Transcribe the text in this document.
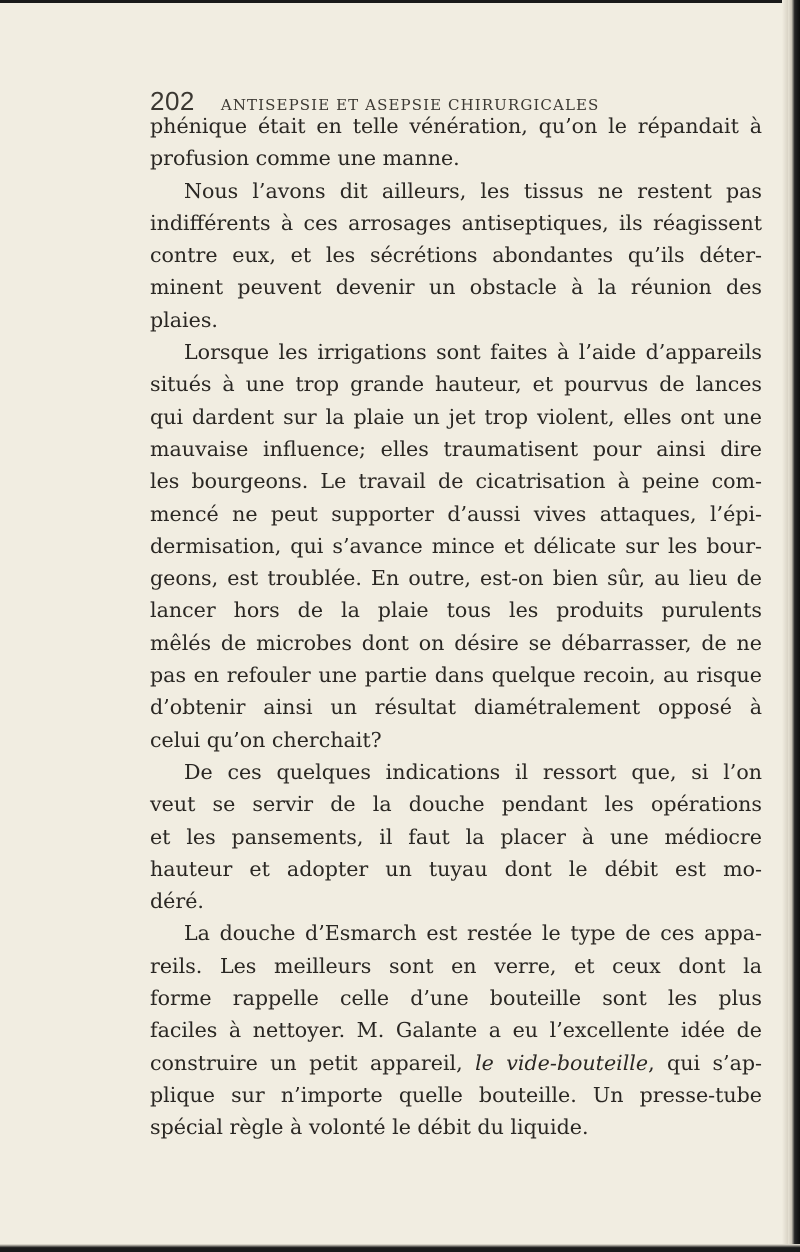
202 ANTISEPSIE ET ASEPSIE CHIRURGICALES
phénique était en telle vénération, qu’on le répandait à
profusion comme une manne.
Nous l’avons dit ailleurs, les tissus ne restent pas
indifférents à ces arrosages antiseptiques, ils réagissent
contre eux, et les sécrétions abondantes qu’ils déter-
minent peuvent devenir un obstacle à la réunion des
plaies.
Lorsque les irrigations sont faites à l’aide d’appareils
situés à une trop grande hauteur, et pourvus de lances
qui dardent sur la plaie un jet trop violent, elles ont une
mauvaise influence; elles traumatisent pour ainsi dire
les bourgeons. Le travail de cicatrisation à peine com-
mencé ne peut supporter d’aussi vives attaques, l’épi-
dermisation, qui s’avance mince et délicate sur les bour-
geons, est troublée. En outre, est-on bien sûr, au lieu de
lancer hors de la plaie tous les produits purulents
mêlés de microbes dont on désire se débarrasser, de ne
pas en refouler une partie dans quelque recoin, au risque
d’obtenir ainsi un résultat diamétralement opposé à
celui qu’on cherchait?
De ces quelques indications il ressort que, si l’on
veut se servir de la douche pendant les opérations
et les pansements, il faut la placer à une médiocre
hauteur et adopter un tuyau dont le débit est mo-
déré.
La douche d’Esmarch est restée le type de ces appa-
reils. Les meilleurs sont en verre, et ceux dont la
forme rappelle celle d’une bouteille sont les plus
faciles à nettoyer. M. Galante a eu l’excellente idée de
construire un petit appareil, le vide-bouteille, qui s’ap-
plique sur n’importe quelle bouteille. Un presse-tube
spécial règle à volonté le débit du liquide.
